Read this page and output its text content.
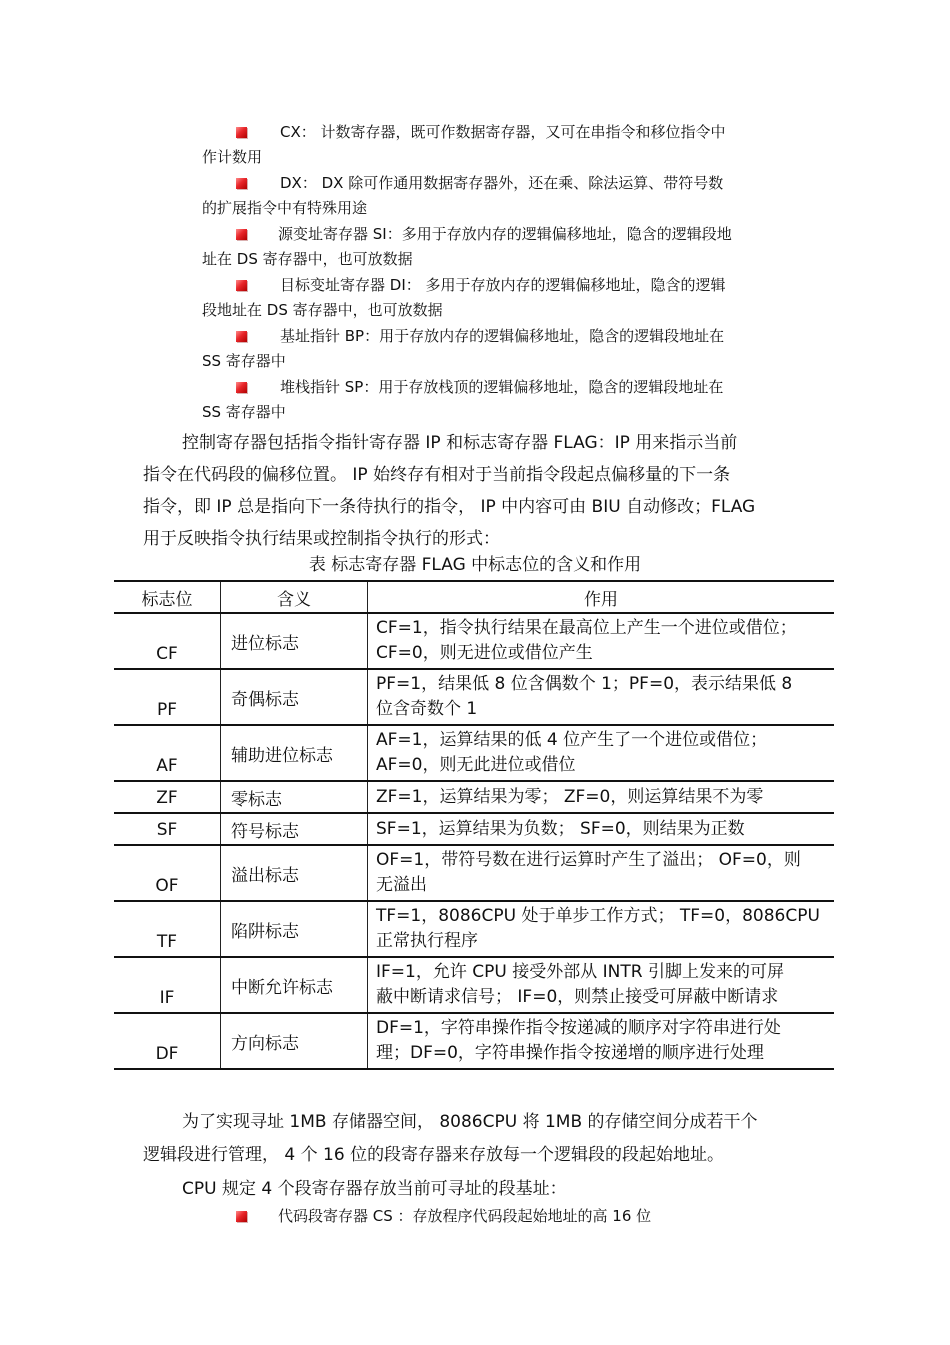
CX： 计数寄存器，既可作数据寄存器，又可在串指令和移位指令中
作计数用
DX： DX 除可作通用数据寄存器外，还在乘、除法运算、带符号数
的扩展指令中有特殊用途
源变址寄存器 SI：多用于存放内存的逻辑偏移地址，隐含的逻辑段地
址在 DS 寄存器中，也可放数据
目标变址寄存器 DI： 多用于存放内存的逻辑偏移地址，隐含的逻辑
段地址在 DS 寄存器中，也可放数据
基址指针 BP：用于存放内存的逻辑偏移地址，隐含的逻辑段地址在
SS 寄存器中
堆栈指针 SP：用于存放栈顶的逻辑偏移地址，隐含的逻辑段地址在
SS 寄存器中
控制寄存器包括指令指针寄存器 IP 和标志寄存器 FLAG：IP 用来指示当前
指令在代码段的偏移位置。 IP 始终存有相对于当前指令段起点偏移量的下一条
指令，即 IP 总是指向下一条待执行的指令， IP 中内容可由 BIU 自动修改；FLAG
用于反映指令执行结果或控制指令执行的形式：
表 标志寄存器 FLAG 中标志位的含义和作用
标志位	含义	作用
CF	进位标志	CF=1，指令执行结果在最高位上产生一个进位或借位；
CF=0，则无进位或借位产生

PF	奇偶标志	PF=1，结果低 8 位含偶数个 1；PF=0，表示结果低 8
位含奇数个 1

AF	辅助进位标志	AF=1，运算结果的低 4 位产生了一个进位或借位；
AF=0，则无此进位或借位

ZF	零标志	ZF=1，运算结果为零； ZF=0，则运算结果不为零

SF	符号标志	SF=1，运算结果为负数； SF=0，则结果为正数

OF	溢出标志	OF=1，带符号数在进行运算时产生了溢出； OF=0，则
无溢出

TF	陷阱标志	TF=1，8086CPU 处于单步工作方式； TF=0，8086CPU
正常执行程序

IF	中断允许标志	IF=1，允许 CPU 接受外部从 INTR 引脚上发来的可屏
蔽中断请求信号； IF=0，则禁止接受可屏蔽中断请求

DF	方向标志	DF=1，字符串操作指令按递减的顺序对字符串进行处
理；DF=0，字符串操作指令按递增的顺序进行处理
为了实现寻址 1MB 存储器空间， 8086CPU 将 1MB 的存储空间分成若干个
逻辑段进行管理， 4 个 16 位的段寄存器来存放每一个逻辑段的段起始地址。
CPU 规定 4 个段寄存器存放当前可寻址的段基址：
代码段寄存器 CS ：存放程序代码段起始地址的高 16 位
